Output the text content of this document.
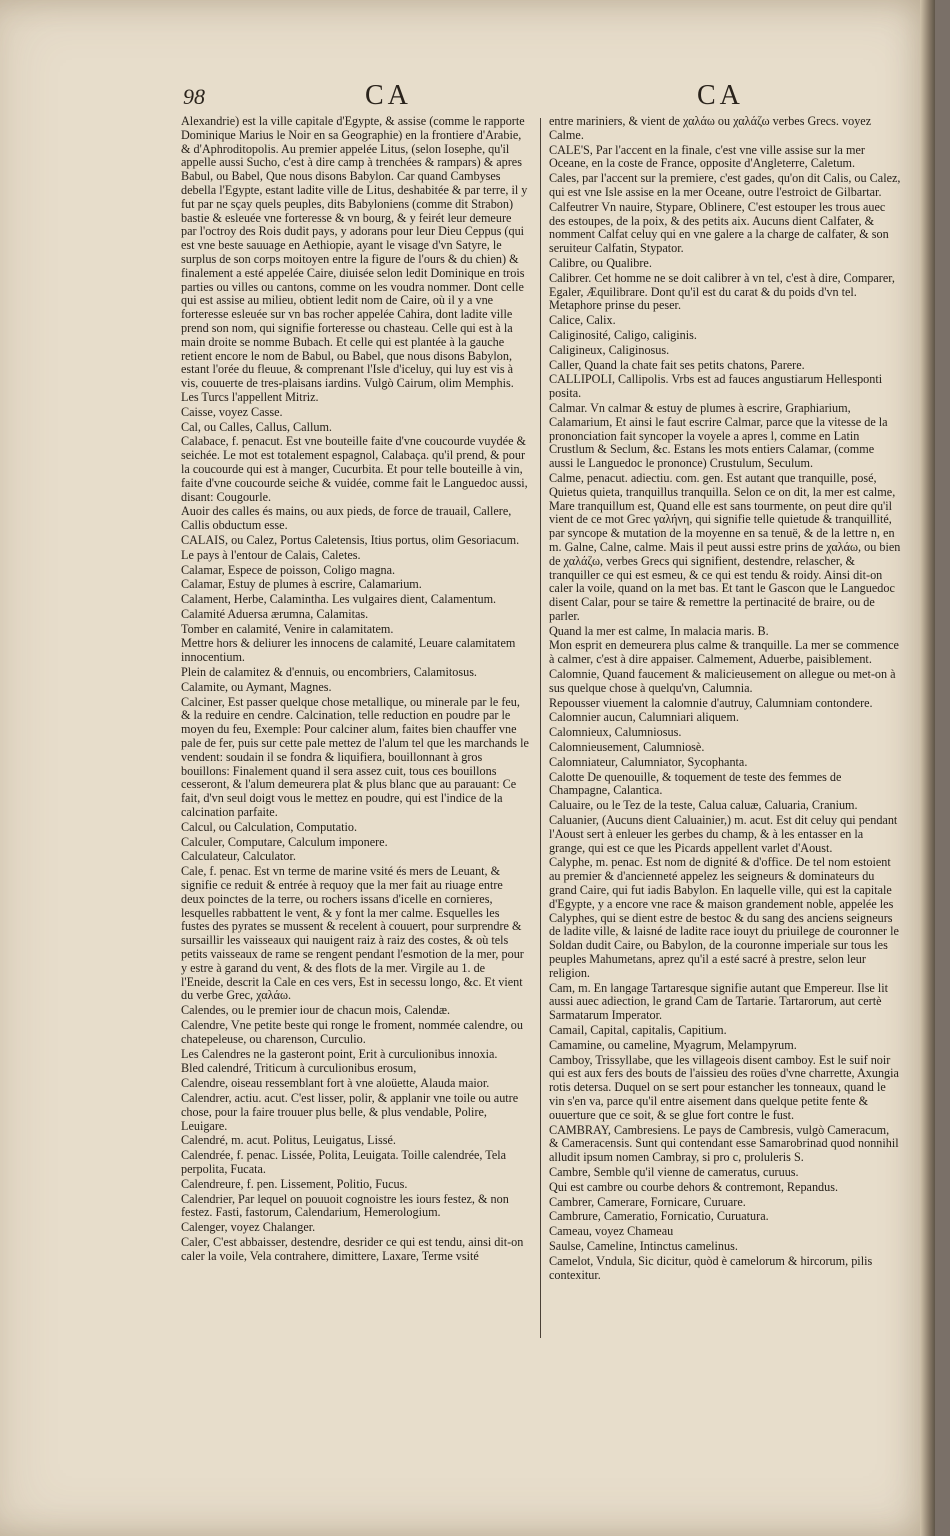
98	CA	CA

Alexandrie) est la ville capitale d'Egypte, & assise (comme le rapporte Dominique Marius le Noir en sa Geographie) en la frontiere d'Arabie, & d'Aphroditopolis. Au premier appelée Litus, (selon Iosephe, qu'il appelle aussi Sucho, c'est à dire camp à trenchées & rampars) & apres Babul, ou Babel, Que nous disons Babylon. Car quand Cambyses debella l'Egypte, estant ladite ville de Litus, deshabitée & par terre, il y fut par ne sçay quels peuples, dits Babyloniens (comme dit Strabon) bastie & esleuée vne forteresse & vn bourg, & y feirét leur demeure par l'octroy des Rois dudit pays, y adorans pour leur Dieu Ceppus (qui est vne beste sauuage en Aethiopie, ayant le visage d'vn Satyre, le surplus de son corps moitoyen entre la figure de l'ours & du chien) & finalement a esté appelée Caire, diuisée selon ledit Dominique en trois parties ou villes ou cantons, comme on les voudra nommer. Dont celle qui est assise au milieu, obtient ledit nom de Caire, où il y a vne forteresse esleuée sur vn bas rocher appelée Cahira, dont ladite ville prend son nom, qui signifie forteresse ou chasteau. Celle qui est à la main droite se nomme Bubach. Et celle qui est plantée à la gauche retient encore le nom de Babul, ou Babel, que nous disons Babylon, estant l'orée du fleuue, & comprenant l'Isle d'iceluy, qui luy est vis à vis, couuerte de tres-plaisans iardins. Vulgò Cairum, olim Memphis. Les Turcs l'appellent Mitriz.

Caisse, voyez Casse.

Cal, ou Calles, Callus, Callum.

Calabace, f. penacut. Est vne bouteille faite d'vne coucourde vuydée & seichée. Le mot est totalement espagnol, Calabaça. qu'il prend, & pour la coucourde qui est à manger, Cucurbita. Et pour telle bouteille à vin, faite d'vne coucourde seiche & vuidée, comme fait le Languedoc aussi, disant: Cougourle.

Auoir des calles és mains, ou aux pieds, de force de trauail, Callere, Callis obductum esse.

CALAIS, ou Calez, Portus Caletensis, Itius portus, olim Gesoriacum.

Le pays à l'entour de Calais, Caletes.

Calamar, Espece de poisson, Coligo magna.

Calamar, Estuy de plumes à escrire, Calamarium.

Calament, Herbe, Calamintha. Les vulgaires dient, Calamentum.

Calamité Aduersa ærumna, Calamitas.

Tomber en calamité, Venire in calamitatem.

Mettre hors & deliurer les innocens de calamité, Leuare calamitatem innocentium.

Plein de calamitez & d'ennuis, ou encombriers, Calamitosus.

Calamite, ou Aymant, Magnes.

Calciner, Est passer quelque chose metallique, ou minerale par le feu, & la reduire en cendre. Calcination, telle reduction en poudre par le moyen du feu, Exemple: Pour calciner alum, faites bien chauffer vne pale de fer, puis sur cette pale mettez de l'alum tel que les marchands le vendent: soudain il se fondra & liquifiera, bouillonnant à gros bouillons: Finalement quand il sera assez cuit, tous ces bouillons cesseront, & l'alum demeurera plat & plus blanc que au parauant: Ce fait, d'vn seul doigt vous le mettez en poudre, qui est l'indice de la calcination parfaite.

Calcul, ou Calculation, Computatio.

Calculer, Computare, Calculum imponere.

Calculateur, Calculator.

Cale, f. penac. Est vn terme de marine vsité és mers de Leuant, & signifie ce reduit & entrée à requoy que la mer fait au riuage entre deux poinctes de la terre, ou rochers issans d'icelle en cornieres, lesquelles rabbattent le vent, & y font la mer calme. Esquelles les fustes des pyrates se mussent & recelent à couuert, pour surprendre & sursaillir les vaisseaux qui nauigent raiz à raiz des costes, & où tels petits vaisseaux de rame se rengent pendant l'esmotion de la mer, pour y estre à garand du vent, & des flots de la mer. Virgile au 1. de l'Eneide, descrit la Cale en ces vers, Est in secessu longo, &c. Et vient du verbe Grec, χαλάω.

Calendes, ou le premier iour de chacun mois, Calendæ.

Calendre, Vne petite beste qui ronge le froment, nommée calendre, ou chatepeleuse, ou charenson, Curculio.

Les Calendres ne la gasteront point, Erit à curculionibus innoxia.

Bled calendré, Triticum à curculionibus erosum,

Calendre, oiseau ressemblant fort à vne aloüette, Alauda maior.

Calendrer, actiu. acut. C'est lisser, polir, & applanir vne toile ou autre chose, pour la faire trouuer plus belle, & plus vendable, Polire, Leuigare.

Calendré, m. acut. Politus, Leuigatus, Lissé.

Calendrée, f. penac. Lissée, Polita, Leuigata. Toille calendrée, Tela perpolita, Fucata.

Calendreure, f. pen. Lissement, Politio, Fucus.

Calendrier, Par lequel on pouuoit cognoistre les iours festez, & non festez. Fasti, fastorum, Calendarium, Hemerologium.

Calenger, voyez Chalanger.

Caler, C'est abbaisser, destendre, desrider ce qui est tendu, ainsi dit-on caler la voile, Vela contrahere, dimittere, Laxare, Terme vsité

entre mariniers, & vient de χαλάω ou χαλάζω verbes Grecs. voyez Calme.

CALE'S, Par l'accent en la finale, c'est vne ville assise sur la mer Oceane, en la coste de France, opposite d'Angleterre, Caletum.

Cales, par l'accent sur la premiere, c'est gades, qu'on dit Calis, ou Calez, qui est vne Isle assise en la mer Oceane, outre l'estroict de Gilbartar.

Calfeutrer Vn nauire, Stypare, Oblinere, C'est estouper les trous auec des estoupes, de la poix, & des petits aix. Aucuns dient Calfater, & nomment Calfat celuy qui en vne galere a la charge de calfater, & son seruiteur Calfatin, Stypator.

Calibre, ou Qualibre.

Calibrer. Cet homme ne se doit calibrer à vn tel, c'est à dire, Comparer, Egaler, Æquilibrare. Dont qu'il est du carat & du poids d'vn tel. Metaphore prinse du peser.

Calice, Calix.

Caliginosité, Caligo, caliginis.

Caligineux, Caliginosus.

Caller, Quand la chate fait ses petits chatons, Parere.

CALLIPOLI, Callipolis. Vrbs est ad fauces angustiarum Hellesponti posita.

Calmar. Vn calmar & estuy de plumes à escrire, Graphiarium, Calamarium, Et ainsi le faut escrire Calmar, parce que la vitesse de la prononciation fait syncoper la voyele a apres l, comme en Latin Crustlum & Seclum, &c. Estans les mots entiers Calamar, (comme aussi le Languedoc le prononce) Crustulum, Seculum.

Calme, penacut. adiectiu. com. gen. Est autant que tranquille, posé, Quietus quieta, tranquillus tranquilla. Selon ce on dit, la mer est calme, Mare tranquillum est, Quand elle est sans tourmente, on peut dire qu'il vient de ce mot Grec γαλήνη, qui signifie telle quietude & tranquillité, par syncope & mutation de la moyenne en sa tenuë, & de la lettre n, en m. Galne, Calne, calme. Mais il peut aussi estre prins de χαλάω, ou bien de χαλάζω, verbes Grecs qui signifient, destendre, relascher, & tranquiller ce qui est esmeu, & ce qui est tendu & roidy. Ainsi dit-on caler la voile, quand on la met bas. Et tant le Gascon que le Languedoc disent Calar, pour se taire & remettre la pertinacité de braire, ou de parler.

Quand la mer est calme, In malacia maris. B.

Mon esprit en demeurera plus calme & tranquille. La mer se commence à calmer, c'est à dire appaiser. Calmement, Aduerbe, paisiblement.

Calomnie, Quand faucement & malicieusement on allegue ou met-on à sus quelque chose à quelqu'vn, Calumnia.

Repousser viuement la calomnie d'autruy, Calumniam contondere.

Calomnier aucun, Calumniari aliquem.

Calomnieux, Calumniosus.

Calomnieusement, Calumniosè.

Calomniateur, Calumniator, Sycophanta.

Calotte De quenouille, & toquement de teste des femmes de Champagne, Calantica.

Caluaire, ou le Tez de la teste, Calua caluæ, Caluaria, Cranium.

Caluanier, (Aucuns dient Caluainier,) m. acut. Est dit celuy qui pendant l'Aoust sert à enleuer les gerbes du champ, & à les entasser en la grange, qui est ce que les Picards appellent varlet d'Aoust.

Calyphe, m. penac. Est nom de dignité & d'office. De tel nom estoient au premier & d'ancienneté appelez les seigneurs & dominateurs du grand Caire, qui fut iadis Babylon. En laquelle ville, qui est la capitale d'Egypte, y a encore vne race & maison grandement noble, appelée les Calyphes, qui se dient estre de bestoc & du sang des anciens seigneurs de ladite ville, & laisné de ladite race iouyt du priuilege de couronner le Soldan dudit Caire, ou Babylon, de la couronne imperiale sur tous les peuples Mahumetans, aprez qu'il a esté sacré à prestre, selon leur religion.

Cam, m. En langage Tartaresque signifie autant que Empereur. Ilse lit aussi auec adiection, le grand Cam de Tartarie. Tartarorum, aut certè Sarmatarum Imperator.

Camail, Capital, capitalis, Capitium.

Camamine, ou cameline, Myagrum, Melampyrum.

Camboy, Trissyllabe, que les villageois disent camboy. Est le suif noir qui est aux fers des bouts de l'aissieu des roües d'vne charrette, Axungia rotis detersa. Duquel on se sert pour estancher les tonneaux, quand le vin s'en va, parce qu'il entre aisement dans quelque petite fente & ouuerture que ce soit, & se glue fort contre le fust.

CAMBRAY, Cambresiens. Le pays de Cambresis, vulgò Cameracum, & Cameracensis. Sunt qui contendant esse Samarobrinad quod nonnihil alludit ipsum nomen Cambray, si pro c, proluleris S.

Cambre, Semble qu'il vienne de cameratus, curuus.

Qui est cambre ou courbe dehors & contremont, Repandus.

Cambrer, Camerare, Fornicare, Curuare.

Cambrure, Cameratio, Fornicatio, Curuatura.

Cameau, voyez Chameau

Saulse, Cameline, Intinctus camelinus.

Camelot, Vndula, Sic dicitur, quòd è camelorum & hircorum, pilis contexitur.
